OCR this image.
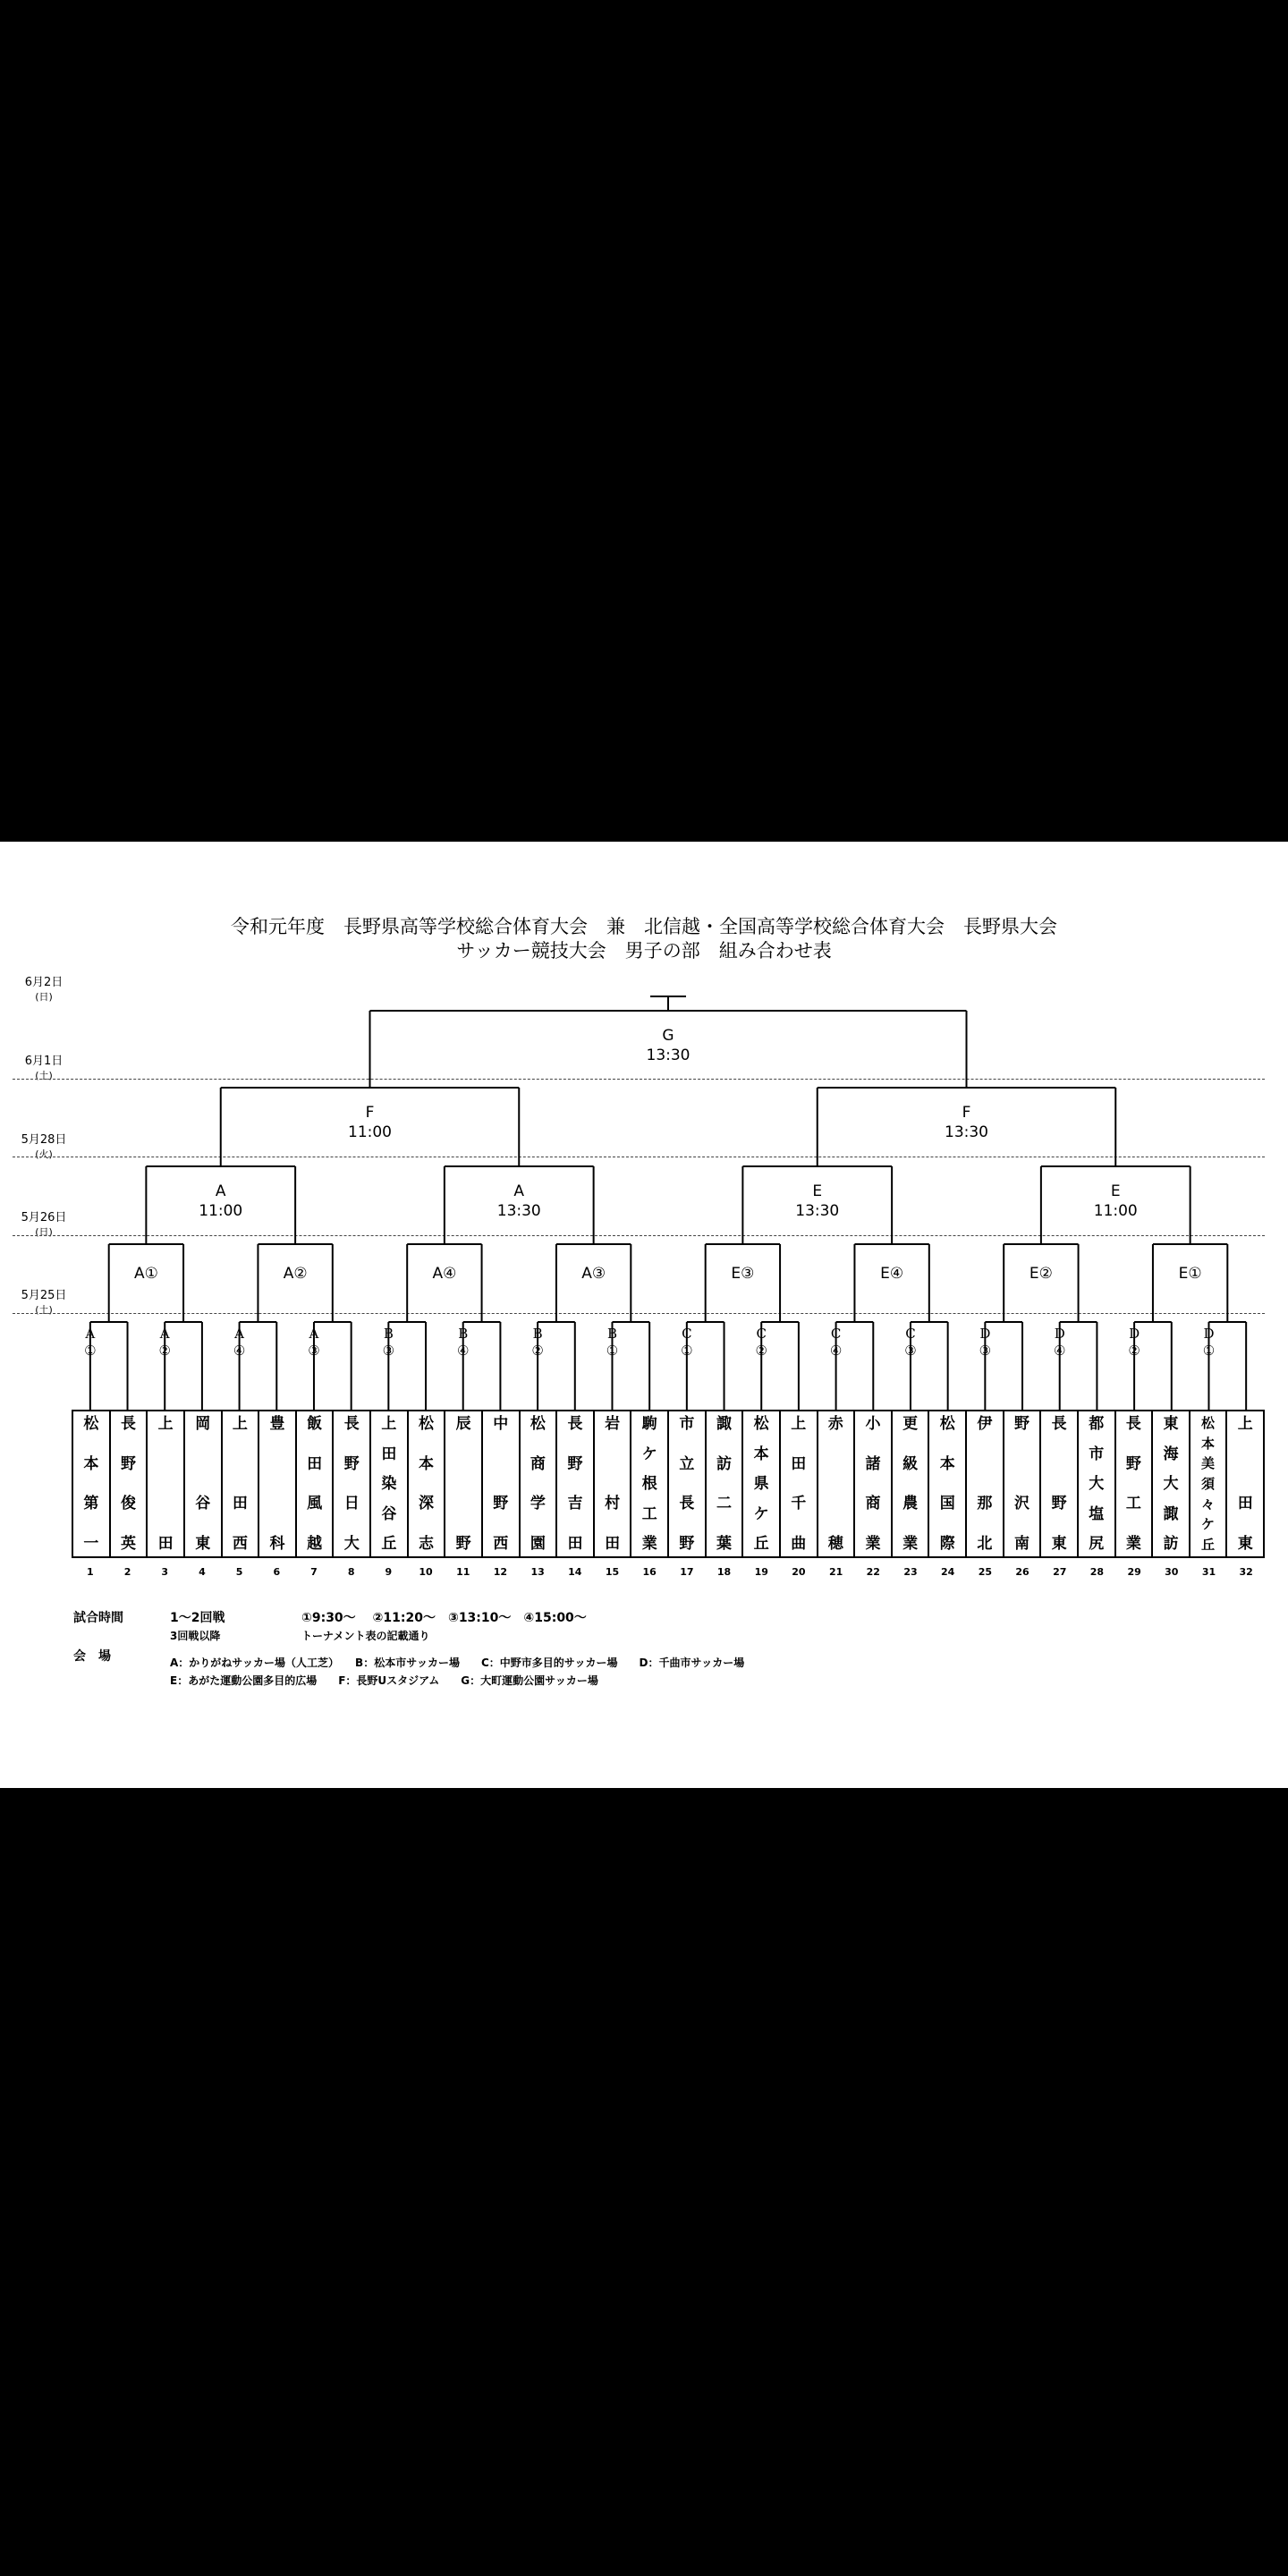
令和元年度　長野県高等学校総合体育大会　兼　北信越・全国高等学校総合体育大会　長野県大会
サッカー競技大会　男子の部　組み合わせ表
6月2日
(日)
6月1日
(土)
5月28日
(火)
5月26日
(日)
5月25日
(土)
A
①
A
②
A
④
A
③
B
③
B
④
B
②
B
①
C
①
C
②
C
④
C
③
D
③
D
④
D
②
D
①
A①	A②	A④	A③	E③	E④	E②	E①
A
11:00
A
13:30
E
13:30
E
11:00
F
11:00
F
13:30
G
13:30
松
本
第
一
長
野
俊
英
上

田
岡

谷
東
上

田
西
豊

科
飯
田
風
越
長
野
日
大
上
田
染
谷
丘
松
本
深
志
辰

野
中

野
西
松
商
学
園
長
野
吉
田
岩

村
田
駒
ケ
根
工
業
市
立
長
野
諏
訪
二
葉
松
本
県
ケ
丘
上
田
千
曲
赤

穂
小
諸
商
業
更
級
農
業
松
本
国
際
伊

那
北
野

沢
南
長

野
東
都
市
大
塩
尻
長
野
工
業
東
海
大
諏
訪
松
本
美
須
々
ケ
丘
上

田
東
1	2	3	4	5	6	7	8	9	10	11	12	13	14	15	16	17	18	19	20	21	22	23	24	25	26	27	28	29	30	31	32
試合時間	1～2回戦
3回戦以降
①9:30～　 ②11:20～　③13:10～　④15:00～
トーナメント表の記載通り
会　場	A：かりがねサッカー場（人工芝）　　B：松本市サッカー場　　C：中野市多目的サッカー場　　D：千曲市サッカー場
E：あがた運動公園多目的広場　　F：長野Uスタジアム　　G：大町運動公園サッカー場
